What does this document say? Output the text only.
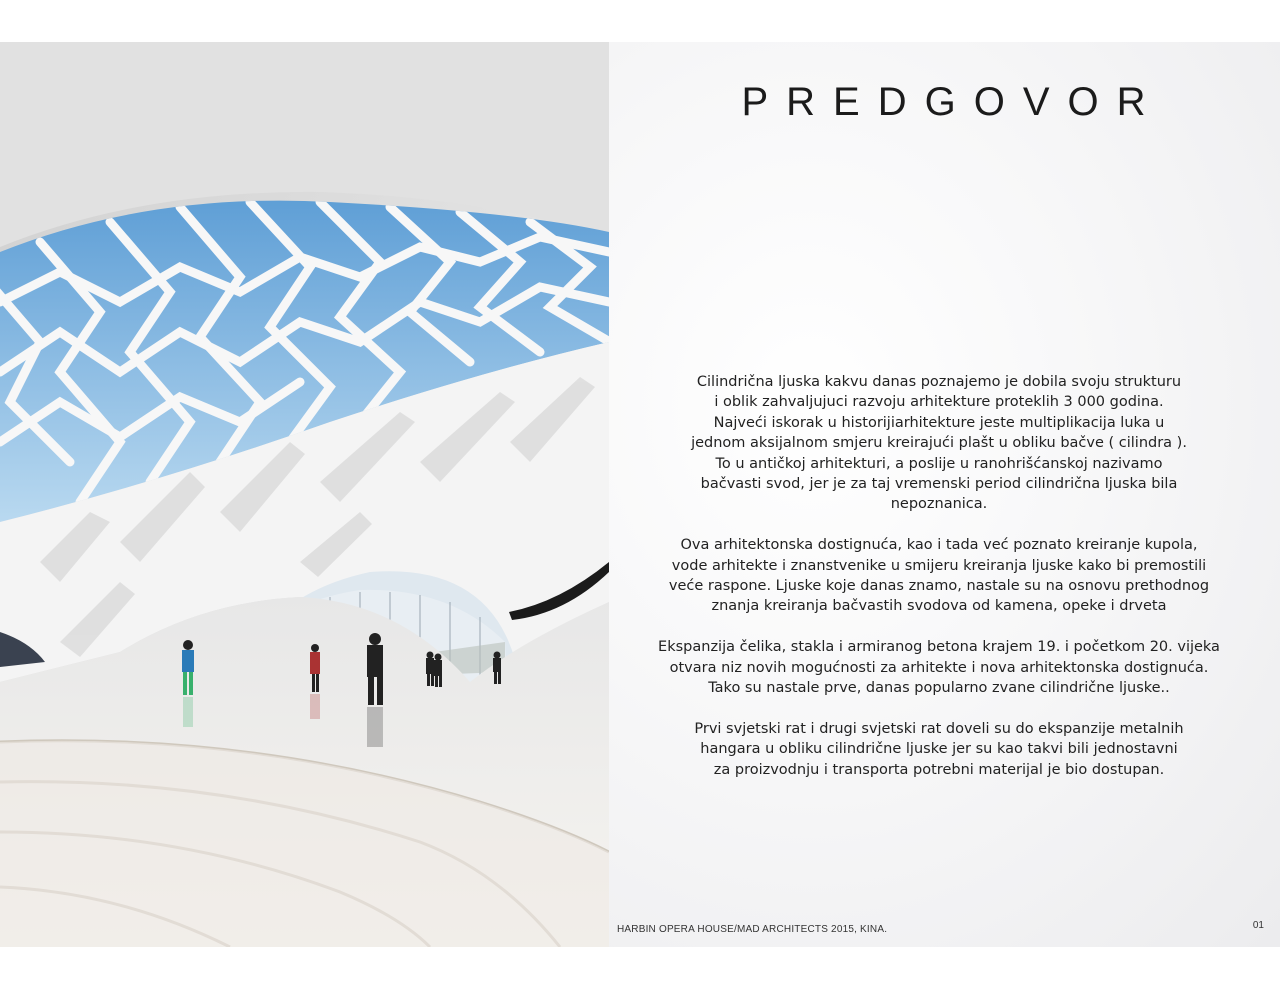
PREDGOVOR

Cilindrična ljuska kakvu danas poznajemo je dobila svoju strukturu
i oblik zahvaljujuci razvoju arhitekture proteklih 3 000 godina.
Najveći iskorak u historijiarhitekture jeste multiplikacija luka u
jednom aksijalnom smjeru kreirajući plašt u obliku bačve ( cilindra ).
To u antičkoj arhitekturi, a poslije u ranohrišćanskoj nazivamo
bačvasti svod, jer je za taj vremenski period cilindrična ljuska bila
nepoznanica.

Ova arhitektonska dostignuća, kao i tada već poznato kreiranje kupola,
vode arhitekte i znanstvenike u smijeru kreiranja ljuske kako bi premostili
veće raspone. Ljuske koje danas znamo, nastale su na osnovu prethodnog
znanja kreiranja bačvastih svodova od kamena, opeke i drveta

Ekspanzija čelika, stakla i armiranog betona krajem 19. i početkom 20. vijeka
otvara niz novih mogućnosti za arhitekte i nova arhitektonska dostignuća.
Tako su nastale prve, danas popularno zvane cilindrične ljuske..

Prvi svjetski rat i drugi svjetski rat doveli su do ekspanzije metalnih
hangara u obliku cilindrične ljuske jer su kao takvi bili jednostavni
za proizvodnju i transporta potrebni materijal je bio dostupan.

HARBIN OPERA HOUSE/MAD ARCHITECTS 2015, KINA.	01
